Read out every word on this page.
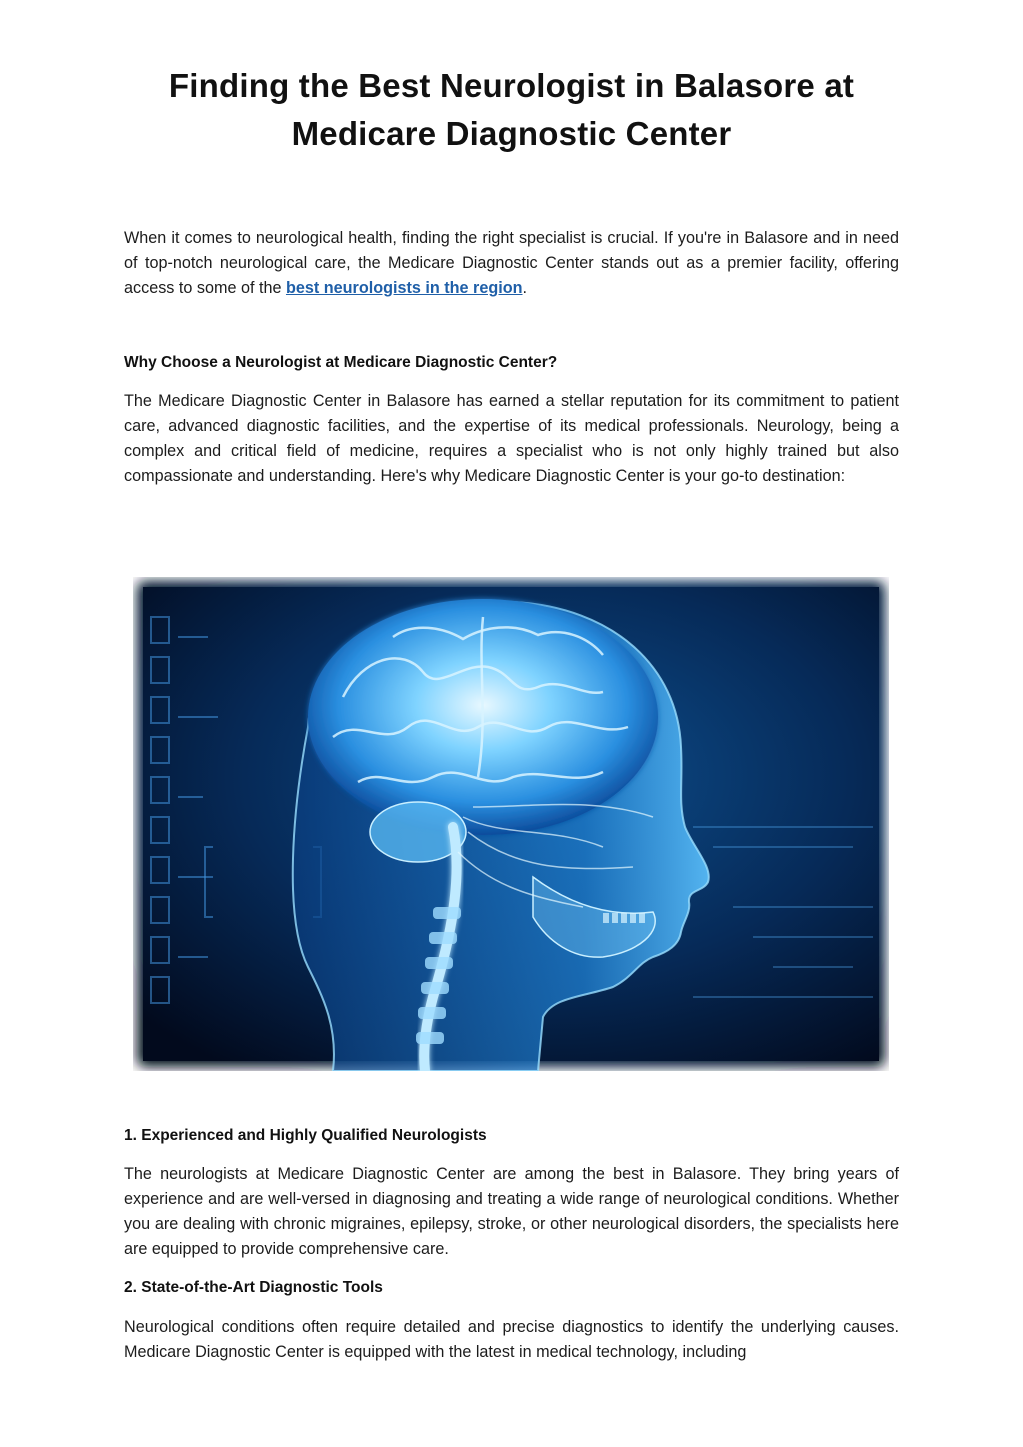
Finding the Best Neurologist in Balasore at
Medicare Diagnostic Center

When it comes to neurological health, finding the right specialist is crucial. If you're in Balasore and in need of top-notch neurological care, the Medicare Diagnostic Center stands out as a premier facility, offering access to some of the best neurologists in the region.

Why Choose a Neurologist at Medicare Diagnostic Center?

The Medicare Diagnostic Center in Balasore has earned a stellar reputation for its commitment to patient care, advanced diagnostic facilities, and the expertise of its medical professionals. Neurology, being a complex and critical field of medicine, requires a specialist who is not only highly trained but also compassionate and understanding. Here's why Medicare Diagnostic Center is your go-to destination:

1. Experienced and Highly Qualified Neurologists

The neurologists at Medicare Diagnostic Center are among the best in Balasore. They bring years of experience and are well-versed in diagnosing and treating a wide range of neurological conditions. Whether you are dealing with chronic migraines, epilepsy, stroke, or other neurological disorders, the specialists here are equipped to provide comprehensive care.

2. State-of-the-Art Diagnostic Tools

Neurological conditions often require detailed and precise diagnostics to identify the underlying causes. Medicare Diagnostic Center is equipped with the latest in medical technology, including
